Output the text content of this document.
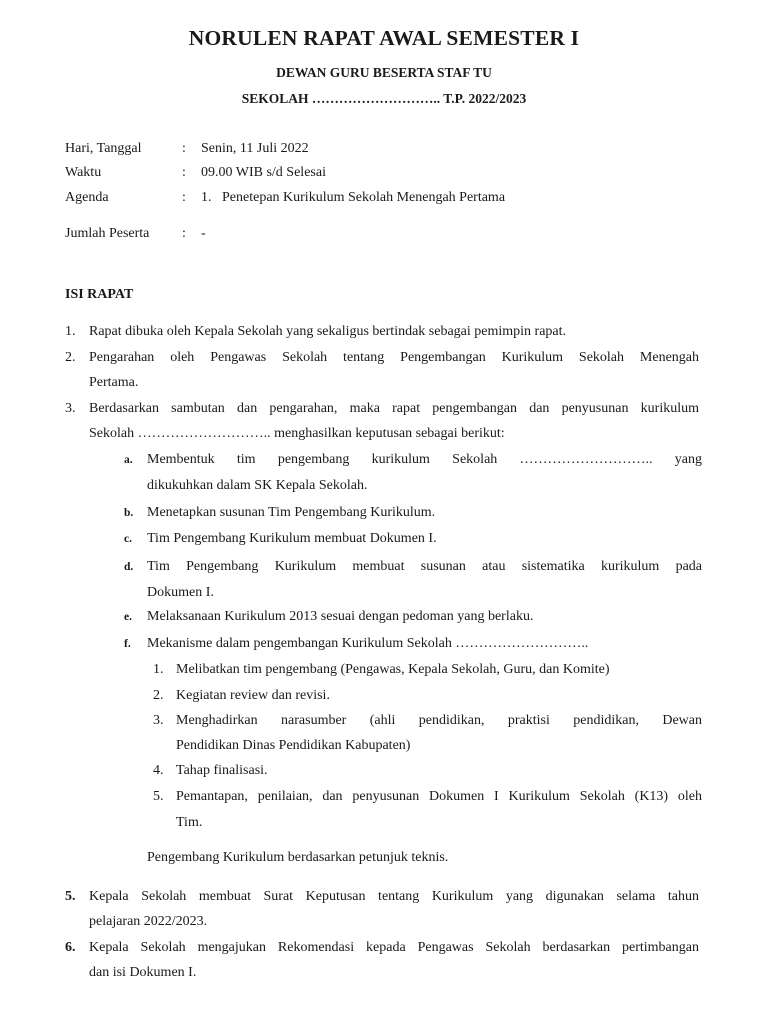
NORULEN RAPAT AWAL SEMESTER I
DEWAN GURU BESERTA STAF TU
SEKOLAH ……………………….. T.P. 2022/2023
Hari, Tanggal	: Senin, 11 Juli 2022
Waktu	: 09.00 WIB s/d Selesai
Agenda	: 1. Penetepan Kurikulum Sekolah Menengah Pertama
Jumlah Peserta : -
ISI RAPAT
1. Rapat dibuka oleh Kepala Sekolah yang sekaligus bertindak sebagai pemimpin rapat.
2. Pengarahan oleh Pengawas Sekolah tentang Pengembangan Kurikulum Sekolah Menengah
Pertama.
3. Berdasarkan sambutan dan pengarahan, maka rapat pengembangan dan penyusunan kurikulum
Sekolah ……………………….. menghasilkan keputusan sebagai berikut:
a. Membentuk tim pengembang kurikulum Sekolah ……………………….. yang
dikukuhkan dalam SK Kepala Sekolah.
b. Menetapkan susunan Tim Pengembang Kurikulum.
c. Tim Pengembang Kurikulum membuat Dokumen I.
d. Tim Pengembang Kurikulum membuat susunan atau sistematika kurikulum pada
Dokumen I.
e. Melaksanaan Kurikulum 2013 sesuai dengan pedoman yang berlaku.
f. Mekanisme dalam pengembangan Kurikulum Sekolah ………………………..
1. Melibatkan tim pengembang (Pengawas, Kepala Sekolah, Guru, dan Komite)
2. Kegiatan review dan revisi.
3. Menghadirkan narasumber (ahli pendidikan, praktisi pendidikan, Dewan
Pendidikan Dinas Pendidikan Kabupaten)
4. Tahap finalisasi.
5. Pemantapan, penilaian, dan penyusunan Dokumen I Kurikulum Sekolah (K13) oleh
Tim.
Pengembang Kurikulum berdasarkan petunjuk teknis.
5. Kepala Sekolah membuat Surat Keputusan tentang Kurikulum yang digunakan selama tahun
pelajaran 2022/2023.
6. Kepala Sekolah mengajukan Rekomendasi kepada Pengawas Sekolah berdasarkan pertimbangan
dan isi Dokumen I.
